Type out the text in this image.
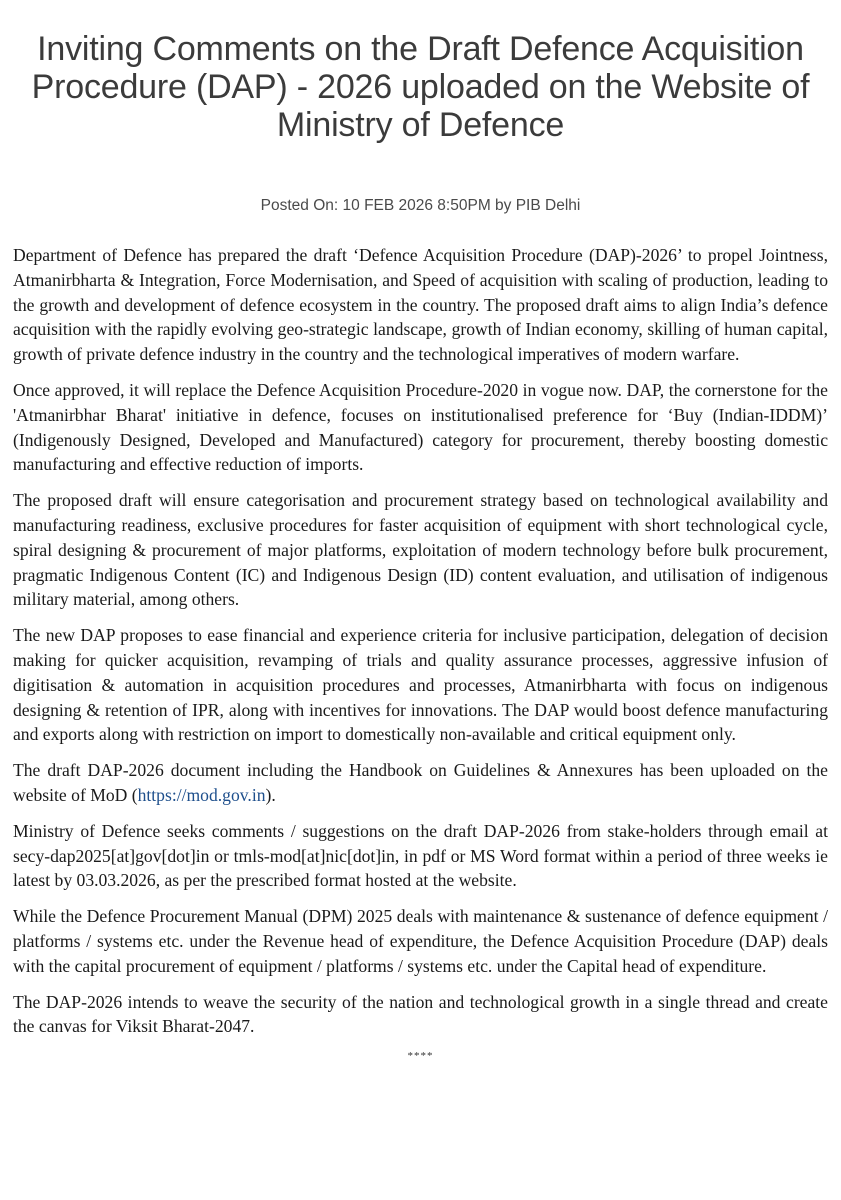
Inviting Comments on the Draft Defence Acquisition Procedure (DAP) - 2026 uploaded on the Website of Ministry of Defence
Posted On: 10 FEB 2026 8:50PM by PIB Delhi

Department of Defence has prepared the draft ‘Defence Acquisition Procedure (DAP)-2026’ to propel Jointness, Atmanirbharta & Integration, Force Modernisation, and Speed of acquisition with scaling of production, leading to the growth and development of defence ecosystem in the country. The proposed draft aims to align India’s defence acquisition with the rapidly evolving geo-strategic landscape, growth of Indian economy, skilling of human capital, growth of private defence industry in the country and the technological imperatives of modern warfare.

Once approved, it will replace the Defence Acquisition Procedure-2020 in vogue now. DAP, the cornerstone for the 'Atmanirbhar Bharat' initiative in defence, focuses on institutionalised preference for ‘Buy (Indian-IDDM)’ (Indigenously Designed, Developed and Manufactured) category for procurement, thereby boosting domestic manufacturing and effective reduction of imports.

The proposed draft will ensure categorisation and procurement strategy based on technological availability and manufacturing readiness, exclusive procedures for faster acquisition of equipment with short technological cycle, spiral designing & procurement of major platforms, exploitation of modern technology before bulk procurement, pragmatic Indigenous Content (IC) and Indigenous Design (ID) content evaluation, and utilisation of indigenous military material, among others.

The new DAP proposes to ease financial and experience criteria for inclusive participation, delegation of decision making for quicker acquisition, revamping of trials and quality assurance processes, aggressive infusion of digitisation & automation in acquisition procedures and processes, Atmanirbharta with focus on indigenous designing & retention of IPR, along with incentives for innovations. The DAP would boost defence manufacturing and exports along with restriction on import to domestically non-available and critical equipment only.

The draft DAP-2026 document including the Handbook on Guidelines & Annexures has been uploaded on the website of MoD (https://mod.gov.in).

Ministry of Defence seeks comments / suggestions on the draft DAP-2026 from stake-holders through email at secy-dap2025[at]gov[dot]in or tmls-mod[at]nic[dot]in, in pdf or MS Word format within a period of three weeks ie latest by 03.03.2026, as per the prescribed format hosted at the website.

While the Defence Procurement Manual (DPM) 2025 deals with maintenance & sustenance of defence equipment / platforms / systems etc. under the Revenue head of expenditure, the Defence Acquisition Procedure (DAP) deals with the capital procurement of equipment / platforms / systems etc. under the Capital head of expenditure.

The DAP-2026 intends to weave the security of the nation and technological growth in a single thread and create the canvas for Viksit Bharat-2047.

****
